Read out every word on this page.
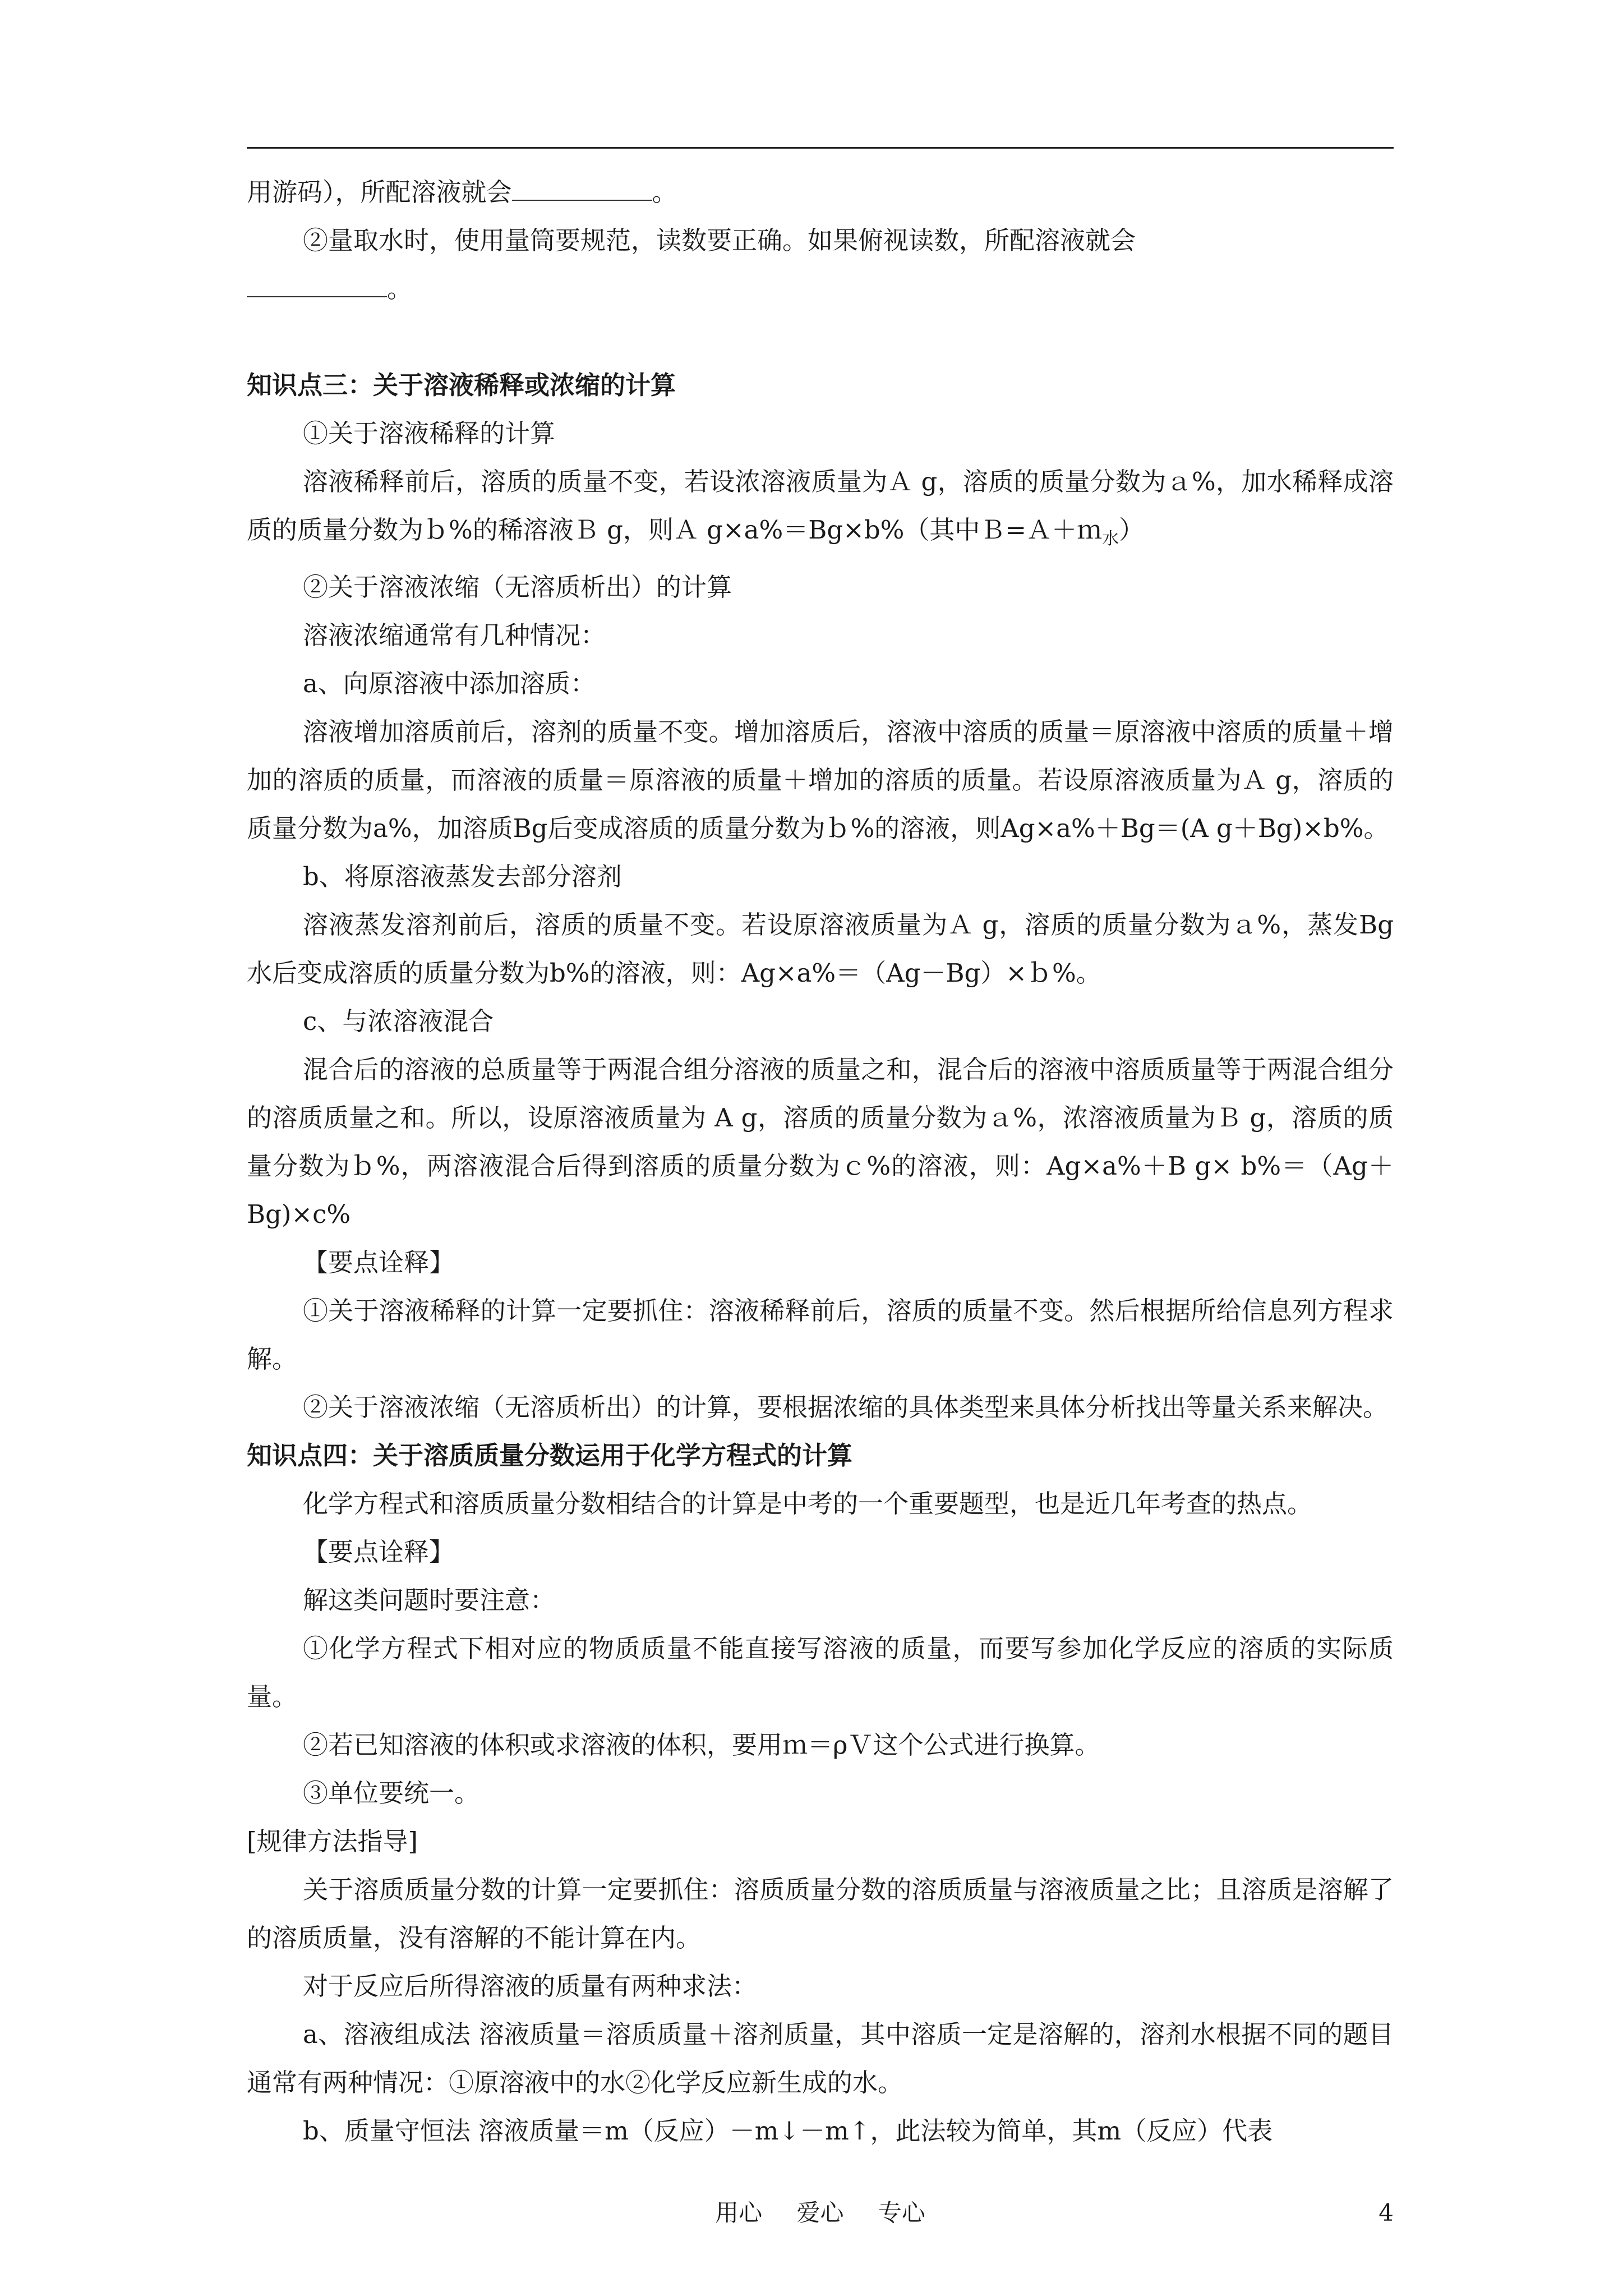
用游码），所配溶液就会	。

②量取水时，使用量筒要规范，读数要正确。如果俯视读数，所配溶液就会
。

知识点三：关于溶液稀释或浓缩的计算

①关于溶液稀释的计算

溶液稀释前后，溶质的质量不变，若设浓溶液质量为Ａ g，溶质的质量分数为ａ%，加水稀释成溶质的质量分数为ｂ%的稀溶液Ｂ g，则Ａ g×a%＝Bg×b%（其中Ｂ=Ａ＋ｍ$_水$）

②关于溶液浓缩（无溶质析出）的计算

溶液浓缩通常有几种情况：

a、向原溶液中添加溶质：

溶液增加溶质前后，溶剂的质量不变。增加溶质后，溶液中溶质的质量＝原溶液中溶质的质量＋增加的溶质的质量，而溶液的质量＝原溶液的质量＋增加的溶质的质量。若设原溶液质量为Ａ g，溶质的质量分数为a%，加溶质Bg后变成溶质的质量分数为ｂ%的溶液，则Ag×a%＋Bg＝(A g＋Bg)×b%。

b、将原溶液蒸发去部分溶剂

溶液蒸发溶剂前后，溶质的质量不变。若设原溶液质量为Ａ g，溶质的质量分数为ａ%，蒸发Bg水后变成溶质的质量分数为b%的溶液，则：Ag×a%＝（Ag－Bg）×ｂ%。

c、与浓溶液混合

混合后的溶液的总质量等于两混合组分溶液的质量之和，混合后的溶液中溶质质量等于两混合组分的溶质质量之和。所以，设原溶液质量为 A g，溶质的质量分数为ａ%，浓溶液质量为Ｂ g，溶质的质量分数为ｂ%，两溶液混合后得到溶质的质量分数为ｃ%的溶液，则：Ag×a%＋B g× b%＝（Ag＋Bg)×c%

【要点诠释】

①关于溶液稀释的计算一定要抓住：溶液稀释前后，溶质的质量不变。然后根据所给信息列方程求解。

②关于溶液浓缩（无溶质析出）的计算，要根据浓缩的具体类型来具体分析找出等量关系来解决。

知识点四：关于溶质质量分数运用于化学方程式的计算

化学方程式和溶质质量分数相结合的计算是中考的一个重要题型，也是近几年考查的热点。

【要点诠释】

解这类问题时要注意：

①化学方程式下相对应的物质质量不能直接写溶液的质量，而要写参加化学反应的溶质的实际质量。

②若已知溶液的体积或求溶液的体积，要用ｍ＝ρＶ这个公式进行换算。

③单位要统一。

[规律方法指导]

关于溶质质量分数的计算一定要抓住：溶质质量分数的溶质质量与溶液质量之比；且溶质是溶解了的溶质质量，没有溶解的不能计算在内。

对于反应后所得溶液的质量有两种求法：

a、溶液组成法 溶液质量＝溶质质量＋溶剂质量，其中溶质一定是溶解的，溶剂水根据不同的题目通常有两种情况：①原溶液中的水②化学反应新生成的水。

b、质量守恒法 溶液质量＝m（反应）－m↓－m↑，此法较为简单，其m（反应）代表

用心 爱心 专心	4
